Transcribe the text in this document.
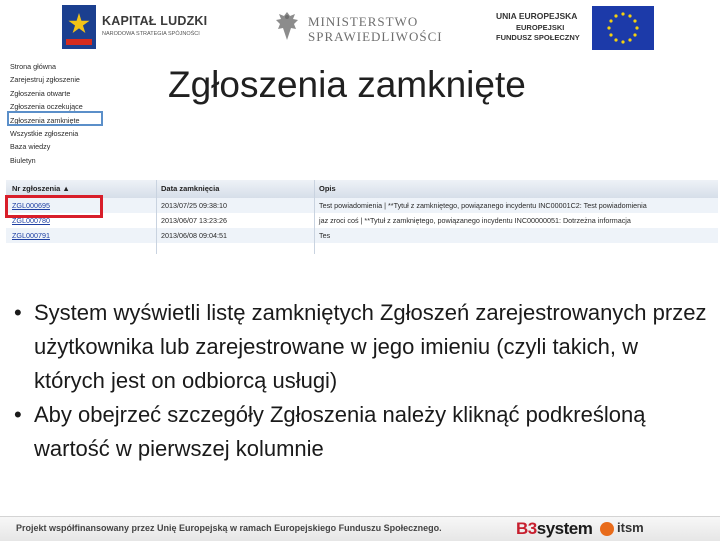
KAPITAŁ LUDZKI
NARODOWA STRATEGIA SPÓJNOŚCI
MINISTERSTWO
SPRAWIEDLIWOŚCI
UNIA EUROPEJSKA
EUROPEJSKI
FUNDUSZ SPOŁECZNY
Strona główna
Zarejestruj zgłoszenie
Zgłoszenia otwarte
Zgłoszenia oczekujące
Zgłoszenia zamknięte
Wszystkie zgłoszenia
Baza wiedzy
Biuletyn
Zgłoszenia zamknięte
Nr zgłoszenia ▲	Data zamknięcia	Opis
ZGL000695	2013/07/25 09:38:10	Test powiadomienia | **Tytuł z zamkniętego, powiązanego incydentu INC00001C2: Test powiadomienia
ZGL000780	2013/06/07 13:23:26	jaz zroci coś | **Tytuł z zamkniętego, powiązanego incydentu INC00000051: Dotrzeżna informacja
ZGL000791	2013/06/08 09:04:51	Tes
• System wyświetli listę zamkniętych Zgłoszeń zarejestrowanych przez użytkownika lub zarejestrowane w jego imieniu (czyli takich, w których jest on odbiorcą usługi)
• Aby obejrzeć szczegóły Zgłoszenia należy kliknąć podkreśloną wartość w pierwszej kolumnie
Projekt współfinansowany przez Unię Europejską w ramach Europejskiego Funduszu Społecznego.	B3system itsm
